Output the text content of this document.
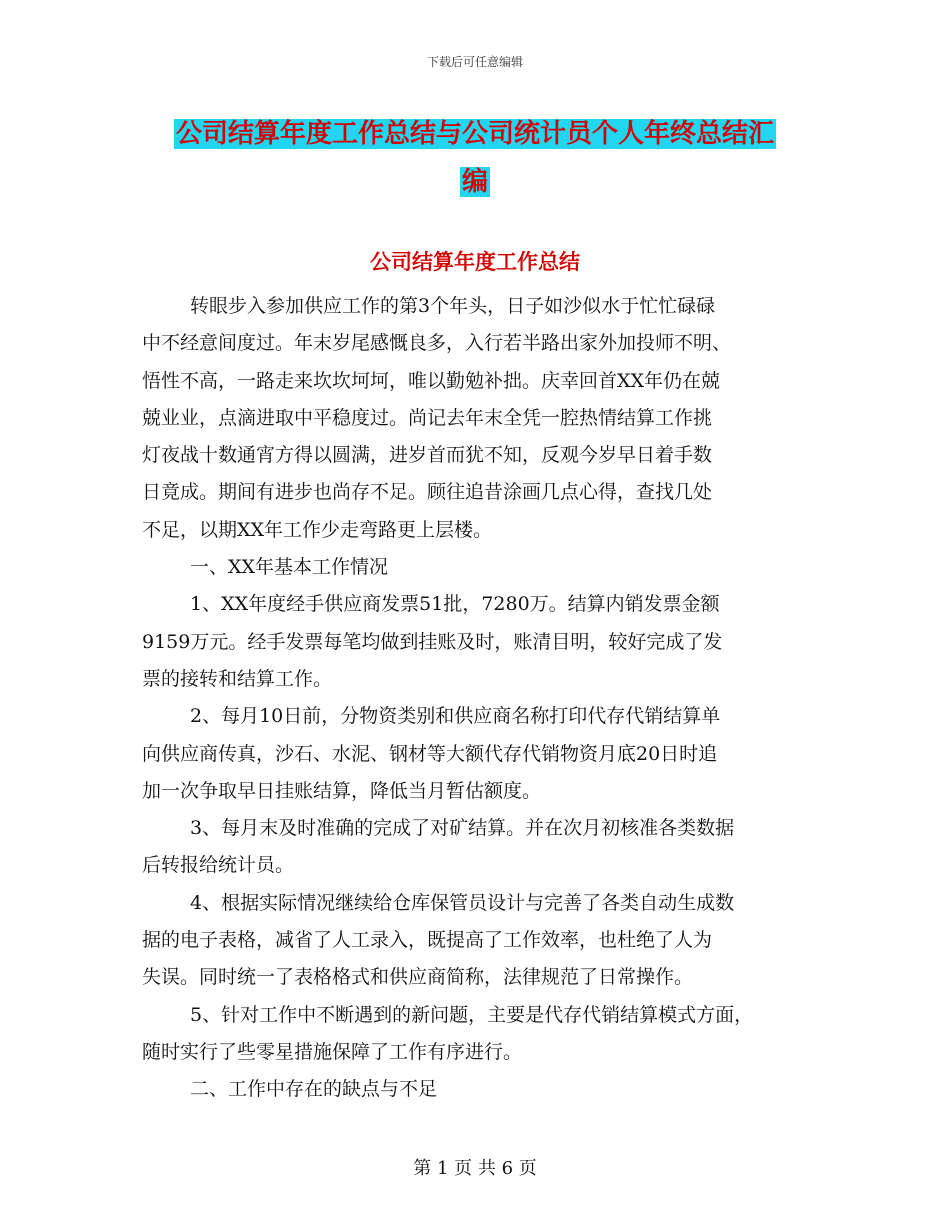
下载后可任意编辑
公司结算年度工作总结与公司统计员个人年终总结汇
编
公司结算年度工作总结
转眼步入参加供应工作的第3个年头，日子如沙似水于忙忙碌碌
中不经意间度过。年末岁尾感慨良多，入行若半路出家外加投师不明、
悟性不高，一路走来坎坎坷坷，唯以勤勉补拙。庆幸回首XX年仍在兢
兢业业，点滴进取中平稳度过。尚记去年末全凭一腔热情结算工作挑
灯夜战十数通宵方得以圆满，进岁首而犹不知，反观今岁早日着手数
日竟成。期间有进步也尚存不足。顾往追昔涂画几点心得，查找几处
不足，以期XX年工作少走弯路更上层楼。
一、XX年基本工作情况
1、XX年度经手供应商发票51批，7280万。结算内销发票金额
9159万元。经手发票每笔均做到挂账及时，账清目明，较好完成了发
票的接转和结算工作。
2、每月10日前，分物资类别和供应商名称打印代存代销结算单
向供应商传真，沙石、水泥、钢材等大额代存代销物资月底20日时追
加一次争取早日挂账结算，降低当月暂估额度。
3、每月末及时准确的完成了对矿结算。并在次月初核准各类数据
后转报给统计员。
4、根据实际情况继续给仓库保管员设计与完善了各类自动生成数
据的电子表格，减省了人工录入，既提高了工作效率，也杜绝了人为
失误。同时统一了表格格式和供应商简称，法律规范了日常操作。
5、针对工作中不断遇到的新问题，主要是代存代销结算模式方面，
随时实行了些零星措施保障了工作有序进行。
二、工作中存在的缺点与不足
第 1 页 共 6 页
